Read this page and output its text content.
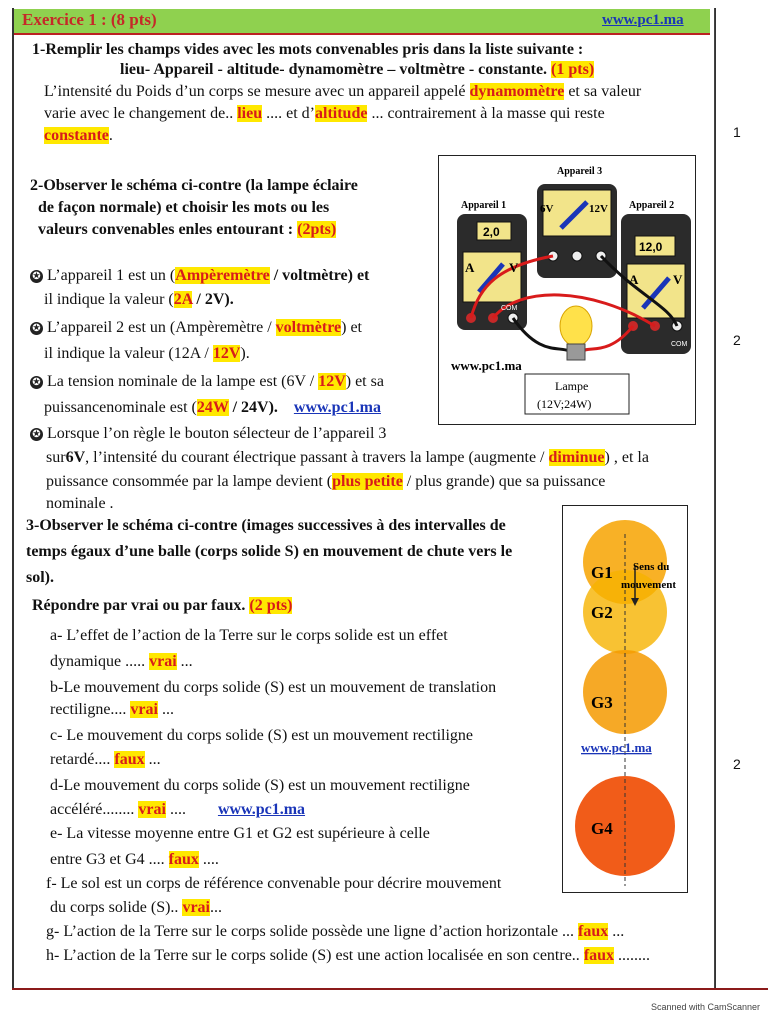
Exercice 1 : (8 pts)	www.pc1.ma
1-Remplir les champs vides avec les mots convenables pris dans la liste suivante :
lieu- Appareil - altitude- dynamomètre – voltmètre - constante. (1 pts)
L’intensité du Poids d’un corps se mesure avec un appareil appelé dynamomètre et sa valeur
varie avec le changement de.. lieu .... et d’altitude ... contrairement à la masse qui reste
constante.	1
2-Observer le schéma ci-contre (la lampe éclaire
de façon normale) et choisir les mots ou les
valeurs convenables enles entourant : (2pts)
✪ L’appareil 1 est un (Ampèremètre / voltmètre) et
il indique la valeur (2A / 2V).
✪ L’appareil 2 est un (Ampèremètre / voltmètre) et
il indique la valeur (12A / 12V).
✪ La tension nominale de la lampe est (6V / 12V) et sa
puissancenominale est (24W / 24V). www.pc1.ma
✪ Lorsque l’on règle le bouton sélecteur de l’appareil 3
sur6V, l’intensité du courant électrique passant à travers la lampe (augmente / diminue) , et la
puissance consommée par la lampe devient (plus petite / plus grande) que sa puissance
nominale .
2
Appareil 3
Appareil 1	Appareil 2
6V	12V
2,0
12,0
A	V
A	V
COM
COM
www.pc1.ma
Lampe
(12V;24W)
3-Observer le schéma ci-contre (images successives à des intervalles de
temps égaux d’une balle (corps solide S) en mouvement de chute vers le
sol).
Répondre par vrai ou par faux. (2 pts)
a- L’effet de l’action de la Terre sur le corps solide est un effet
dynamique ..... vrai ...
b-Le mouvement du corps solide (S) est un mouvement de translation
rectiligne.... vrai ...
c- Le mouvement du corps solide (S) est un mouvement rectiligne
retardé.... faux ...
d-Le mouvement du corps solide (S) est un mouvement rectiligne
accéléré........ vrai .... www.pc1.ma
e- La vitesse moyenne entre G1 et G2 est supérieure à celle
entre G3 et G4 .... faux ....
f- Le sol est un corps de référence convenable pour décrire mouvement
du corps solide (S).. vrai...
g- L’action de la Terre sur le corps solide possède une ligne d’action horizontale ... faux ...
h- L’action de la Terre sur le corps solide (S) est une action localisée en son centre.. faux ........
2
G1
G2
G3
G4
Sens du
mouvement
www.pc1.ma
Scanned with CamScanner
